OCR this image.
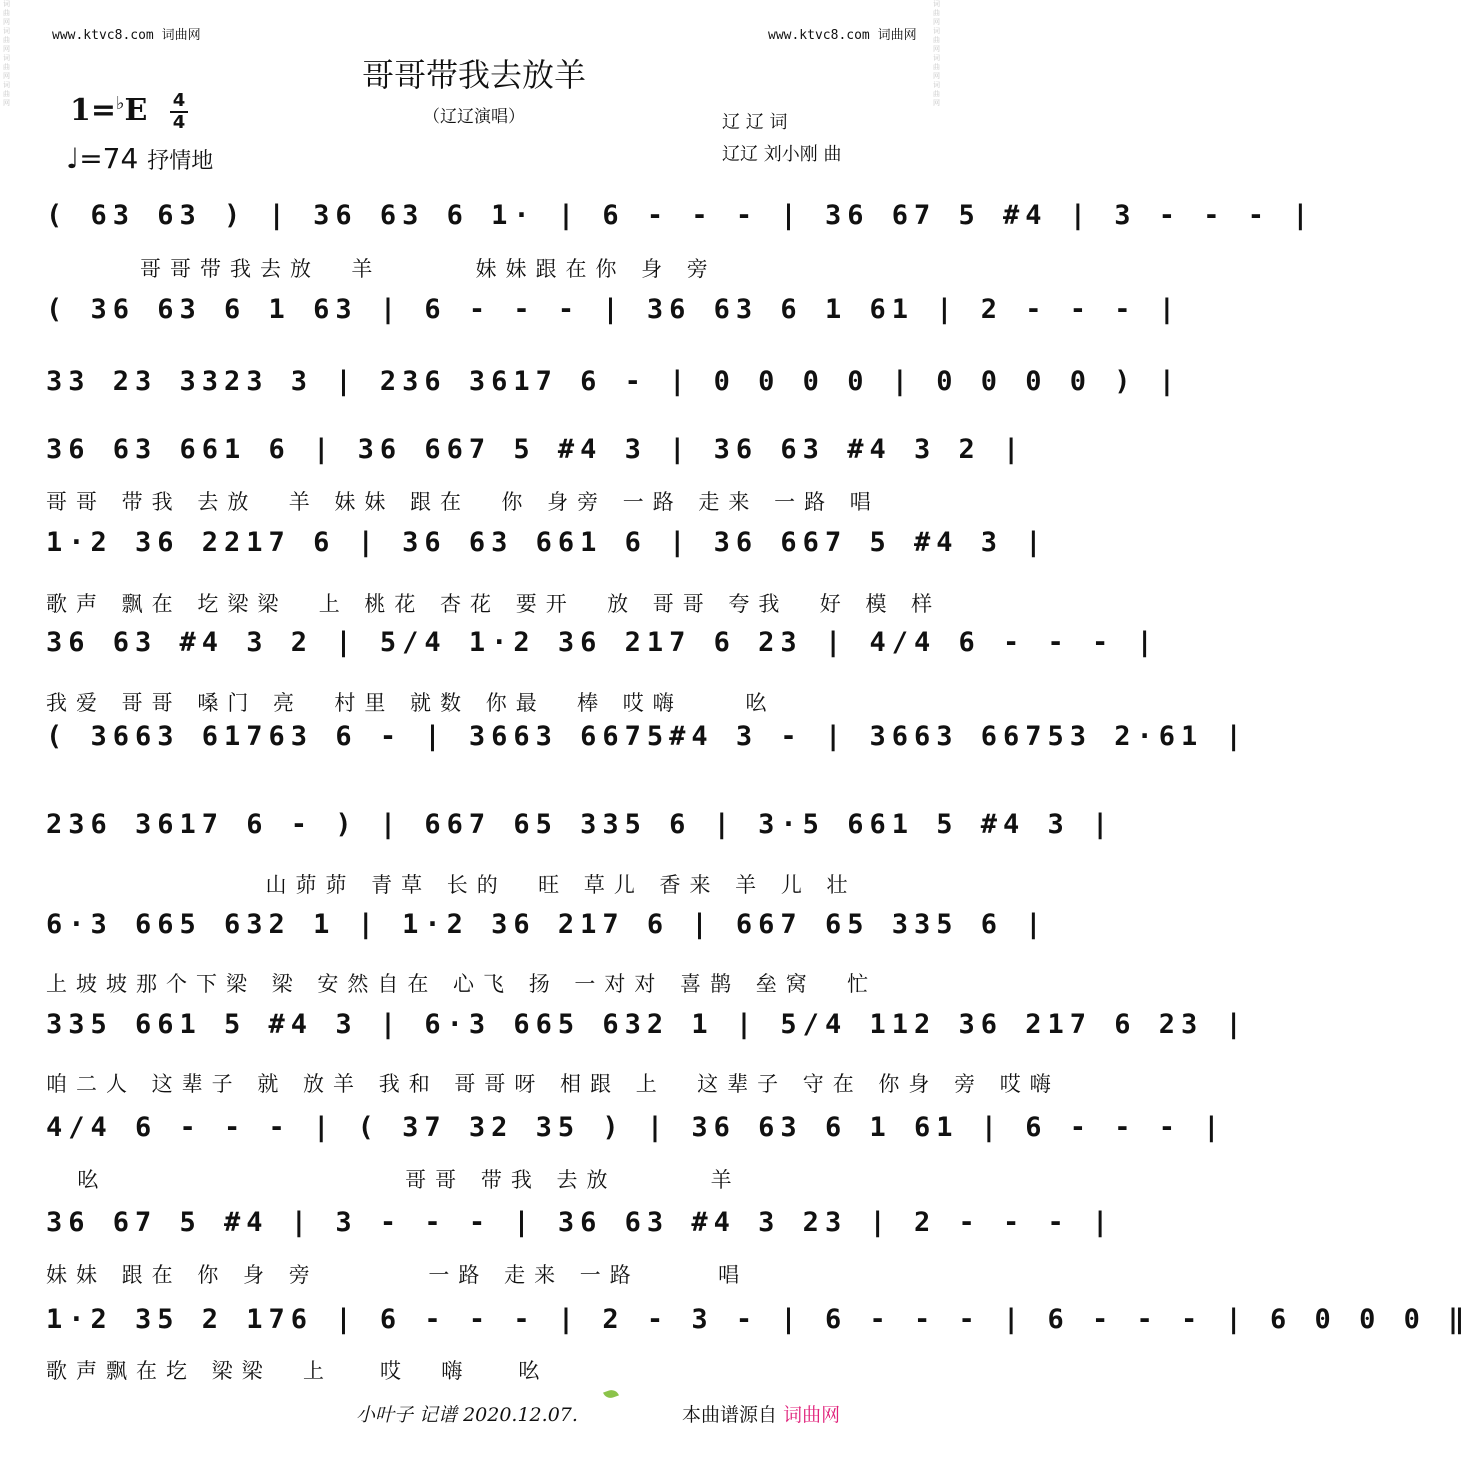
词曲网词曲网词曲网词曲网
词曲网词曲网词曲网词曲网
www.ktvc8.com 词曲网	www.ktvc8.com 词曲网
哥哥带我去放羊
（辽辽演唱）
1=♭E 4
4
♩=74 抒情地
辽 辽 词
辽辽 刘小刚 曲
( 63 63 ) | 36 63 6 1· | 6 - - - | 36 67 5 #4 | 3 - - - |
哥哥带我去放  羊      妹妹跟在你 身 旁
( 36 63 6 1 63 | 6 - - - | 36 63 6 1 61 | 2 - - - |
33 23 3323 3 | 236 3617 6 - | 0 0 0 0 | 0 0 0 0 ) |
36 63 661 6 | 36 667 5 #4 3 | 36 63 #4 3 2 |
哥哥 带我 去放  羊 妹妹 跟在  你 身旁 一路 走来 一路 唱
1·2 36 2217 6 | 36 63 661 6 | 36 667 5 #4 3 |
歌声 飘在 圪梁梁  上 桃花 杏花 要开  放 哥哥 夸我  好 模 样
36 63 #4 3 2 | 5/4 1·2 36 217 6 23 | 4/4 6 - - - |
我爱 哥哥 嗓门 亮  村里 就数 你最  棒 哎嗨    吆
( 3663 61763 6 - | 3663 6675#4 3 - | 3663 66753 2·61 |
236 3617 6 - ) | 667 65 335 6 | 3·5 661 5 #4 3 |
山茆茆 青草 长的  旺 草儿 香来 羊 儿 壮
6·3 665 632 1 | 1·2 36 217 6 | 667 65 335 6 |
上坡坡那个下梁 梁 安然自在 心飞 扬 一对对 喜鹊 垒窝  忙
335 661 5 #4 3 | 6·3 665 632 1 | 5/4 112 36 217 6 23 |
咱二人 这辈子 就 放羊 我和 哥哥呀 相跟 上  这辈子 守在 你身 旁 哎嗨
4/4 6 - - - | ( 37 32 35 ) | 36 63 6 1 61 | 6 - - - |
吆                   哥哥 带我 去放      羊
36 67 5 #4 | 3 - - - | 36 63 #4 3 23 | 2 - - - |
妹妹 跟在 你 身 旁       一路 走来 一路     唱
1·2 35 2 176 | 6 - - - | 2 - 3 - | 6 - - - | 6 - - - | 6 0 0 0 ‖
歌声飘在圪 梁梁  上   哎  嗨   吆
小叶子 记谱 2020.12.07.	本曲谱源自 词曲网
